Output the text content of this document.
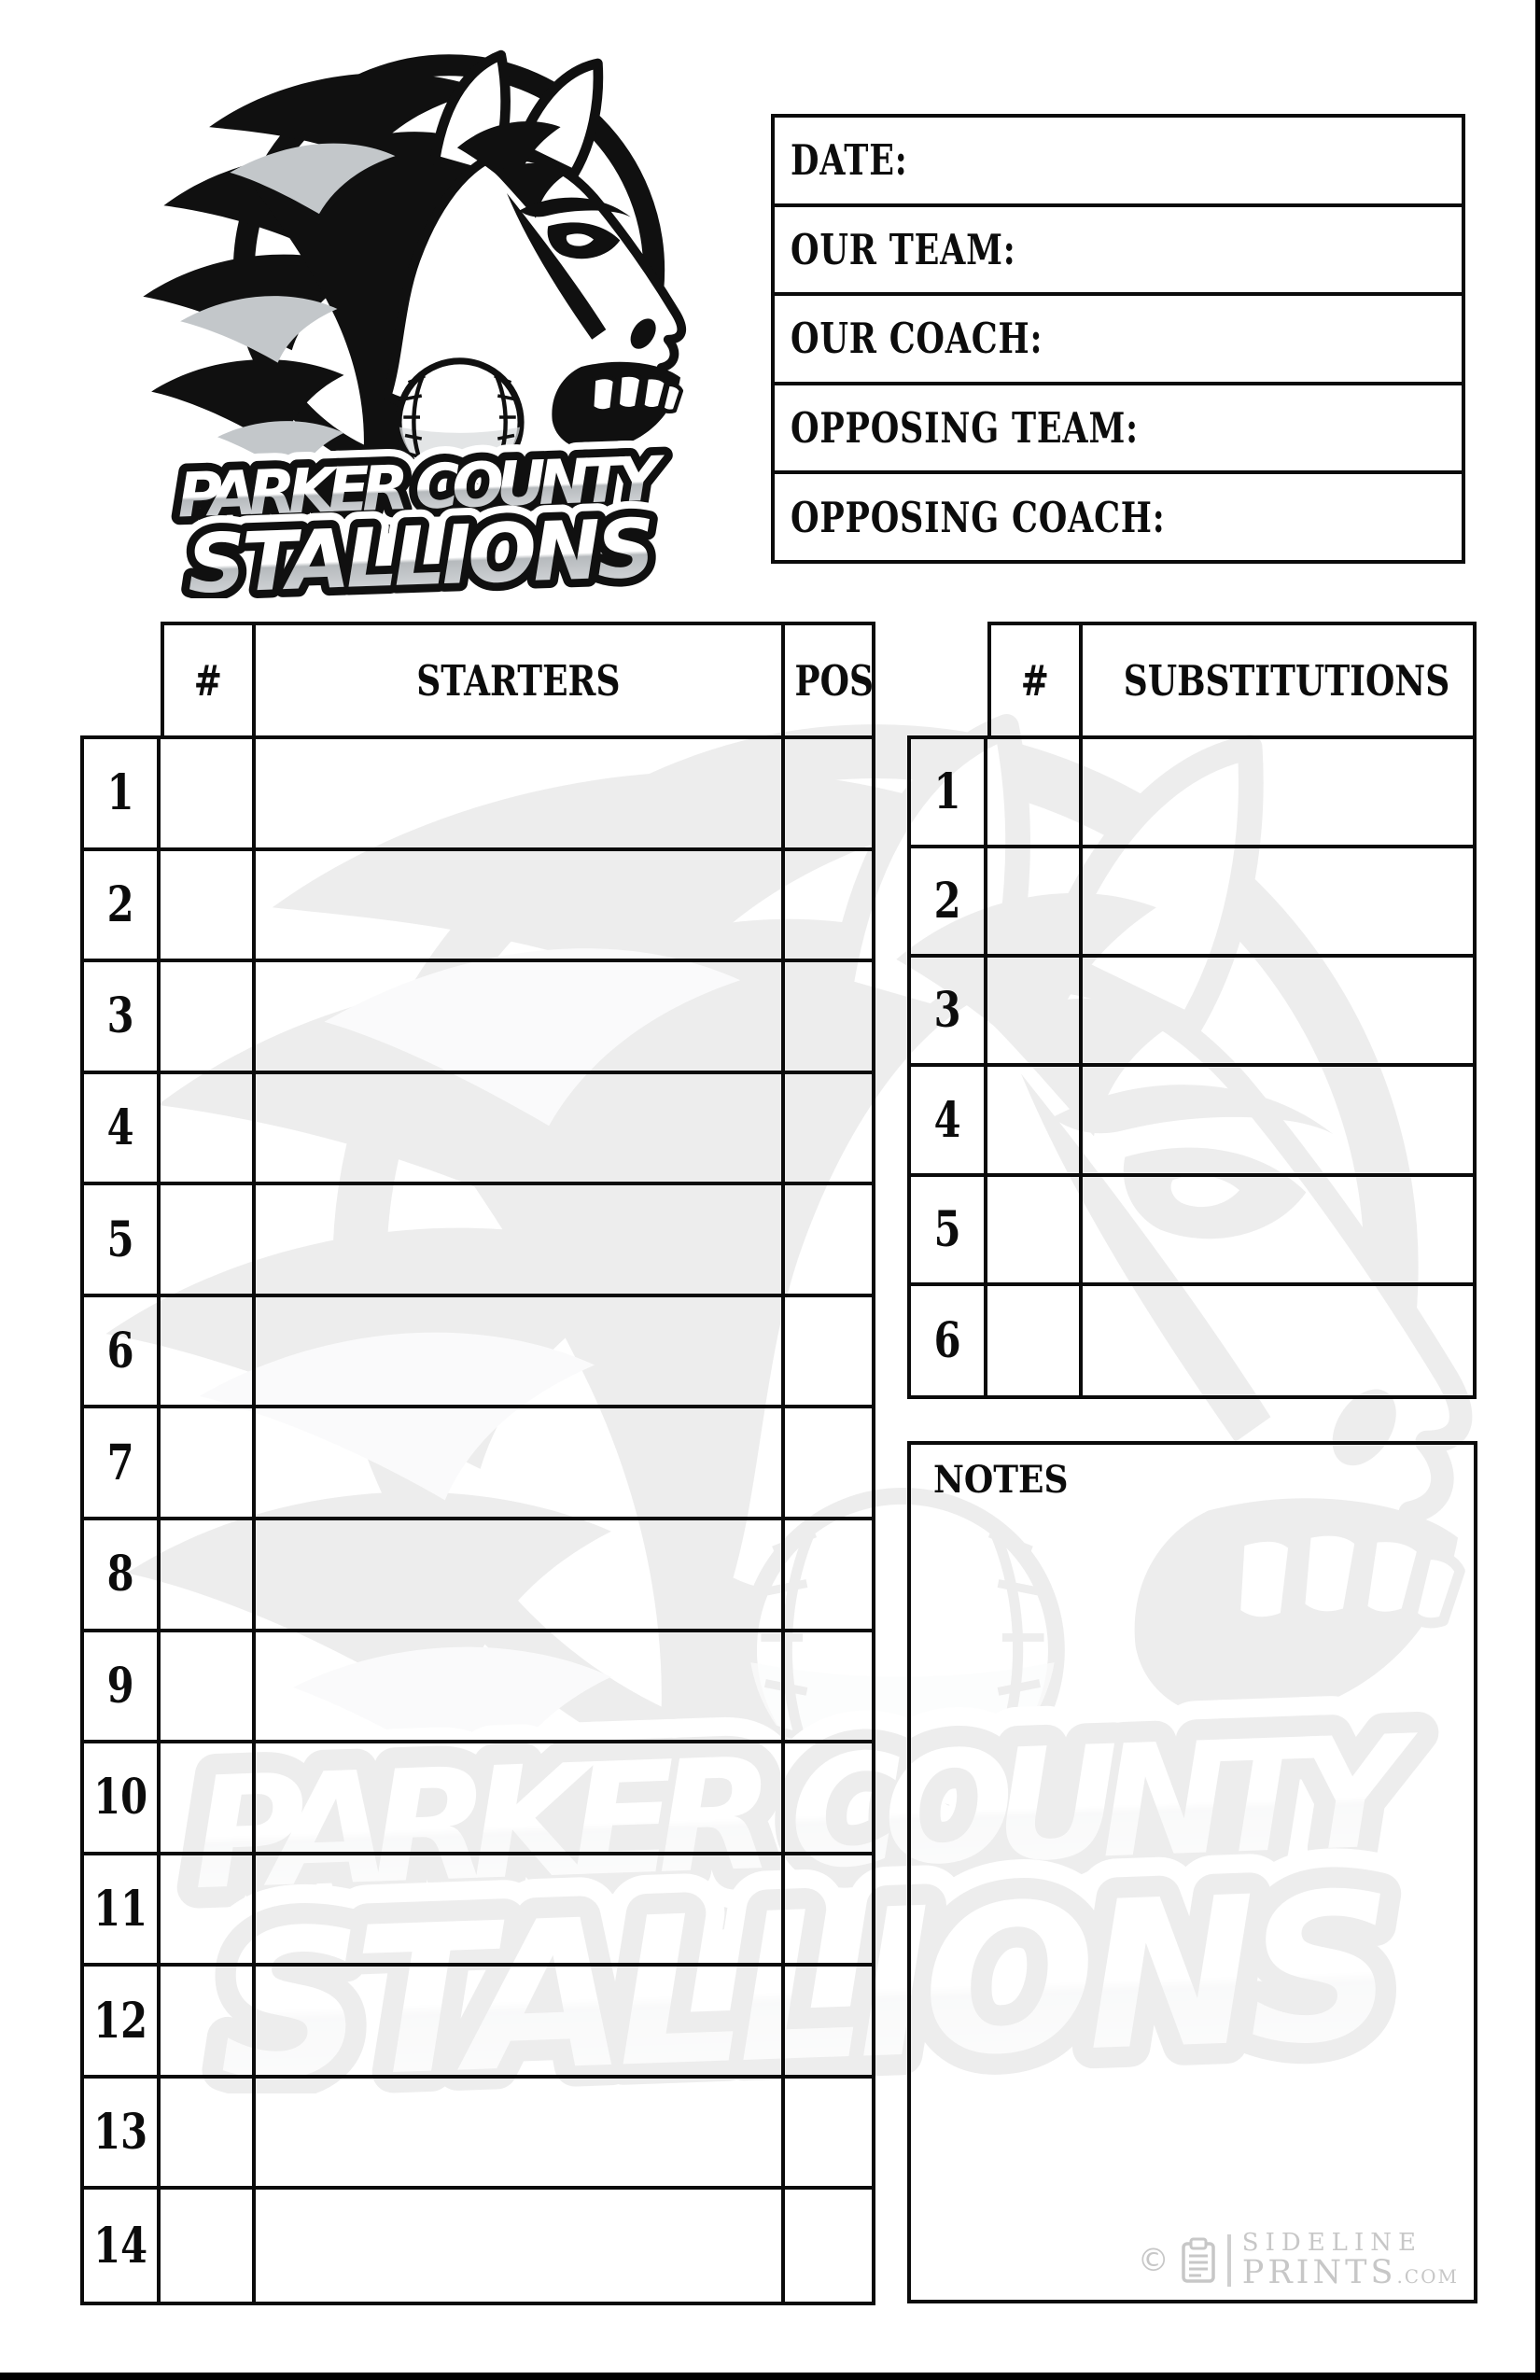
DATE:
OUR TEAM:
OUR COACH:
OPPOSING TEAM:
OPPOSING COACH:
#	STARTERS	POS
1
2
3
4
5
6
7
8
9
10
11
12
13
14
#	SUBSTITUTIONS
1
2
3
4
5
6
NOTES
©	SIDELINE
PRINTS.COM
